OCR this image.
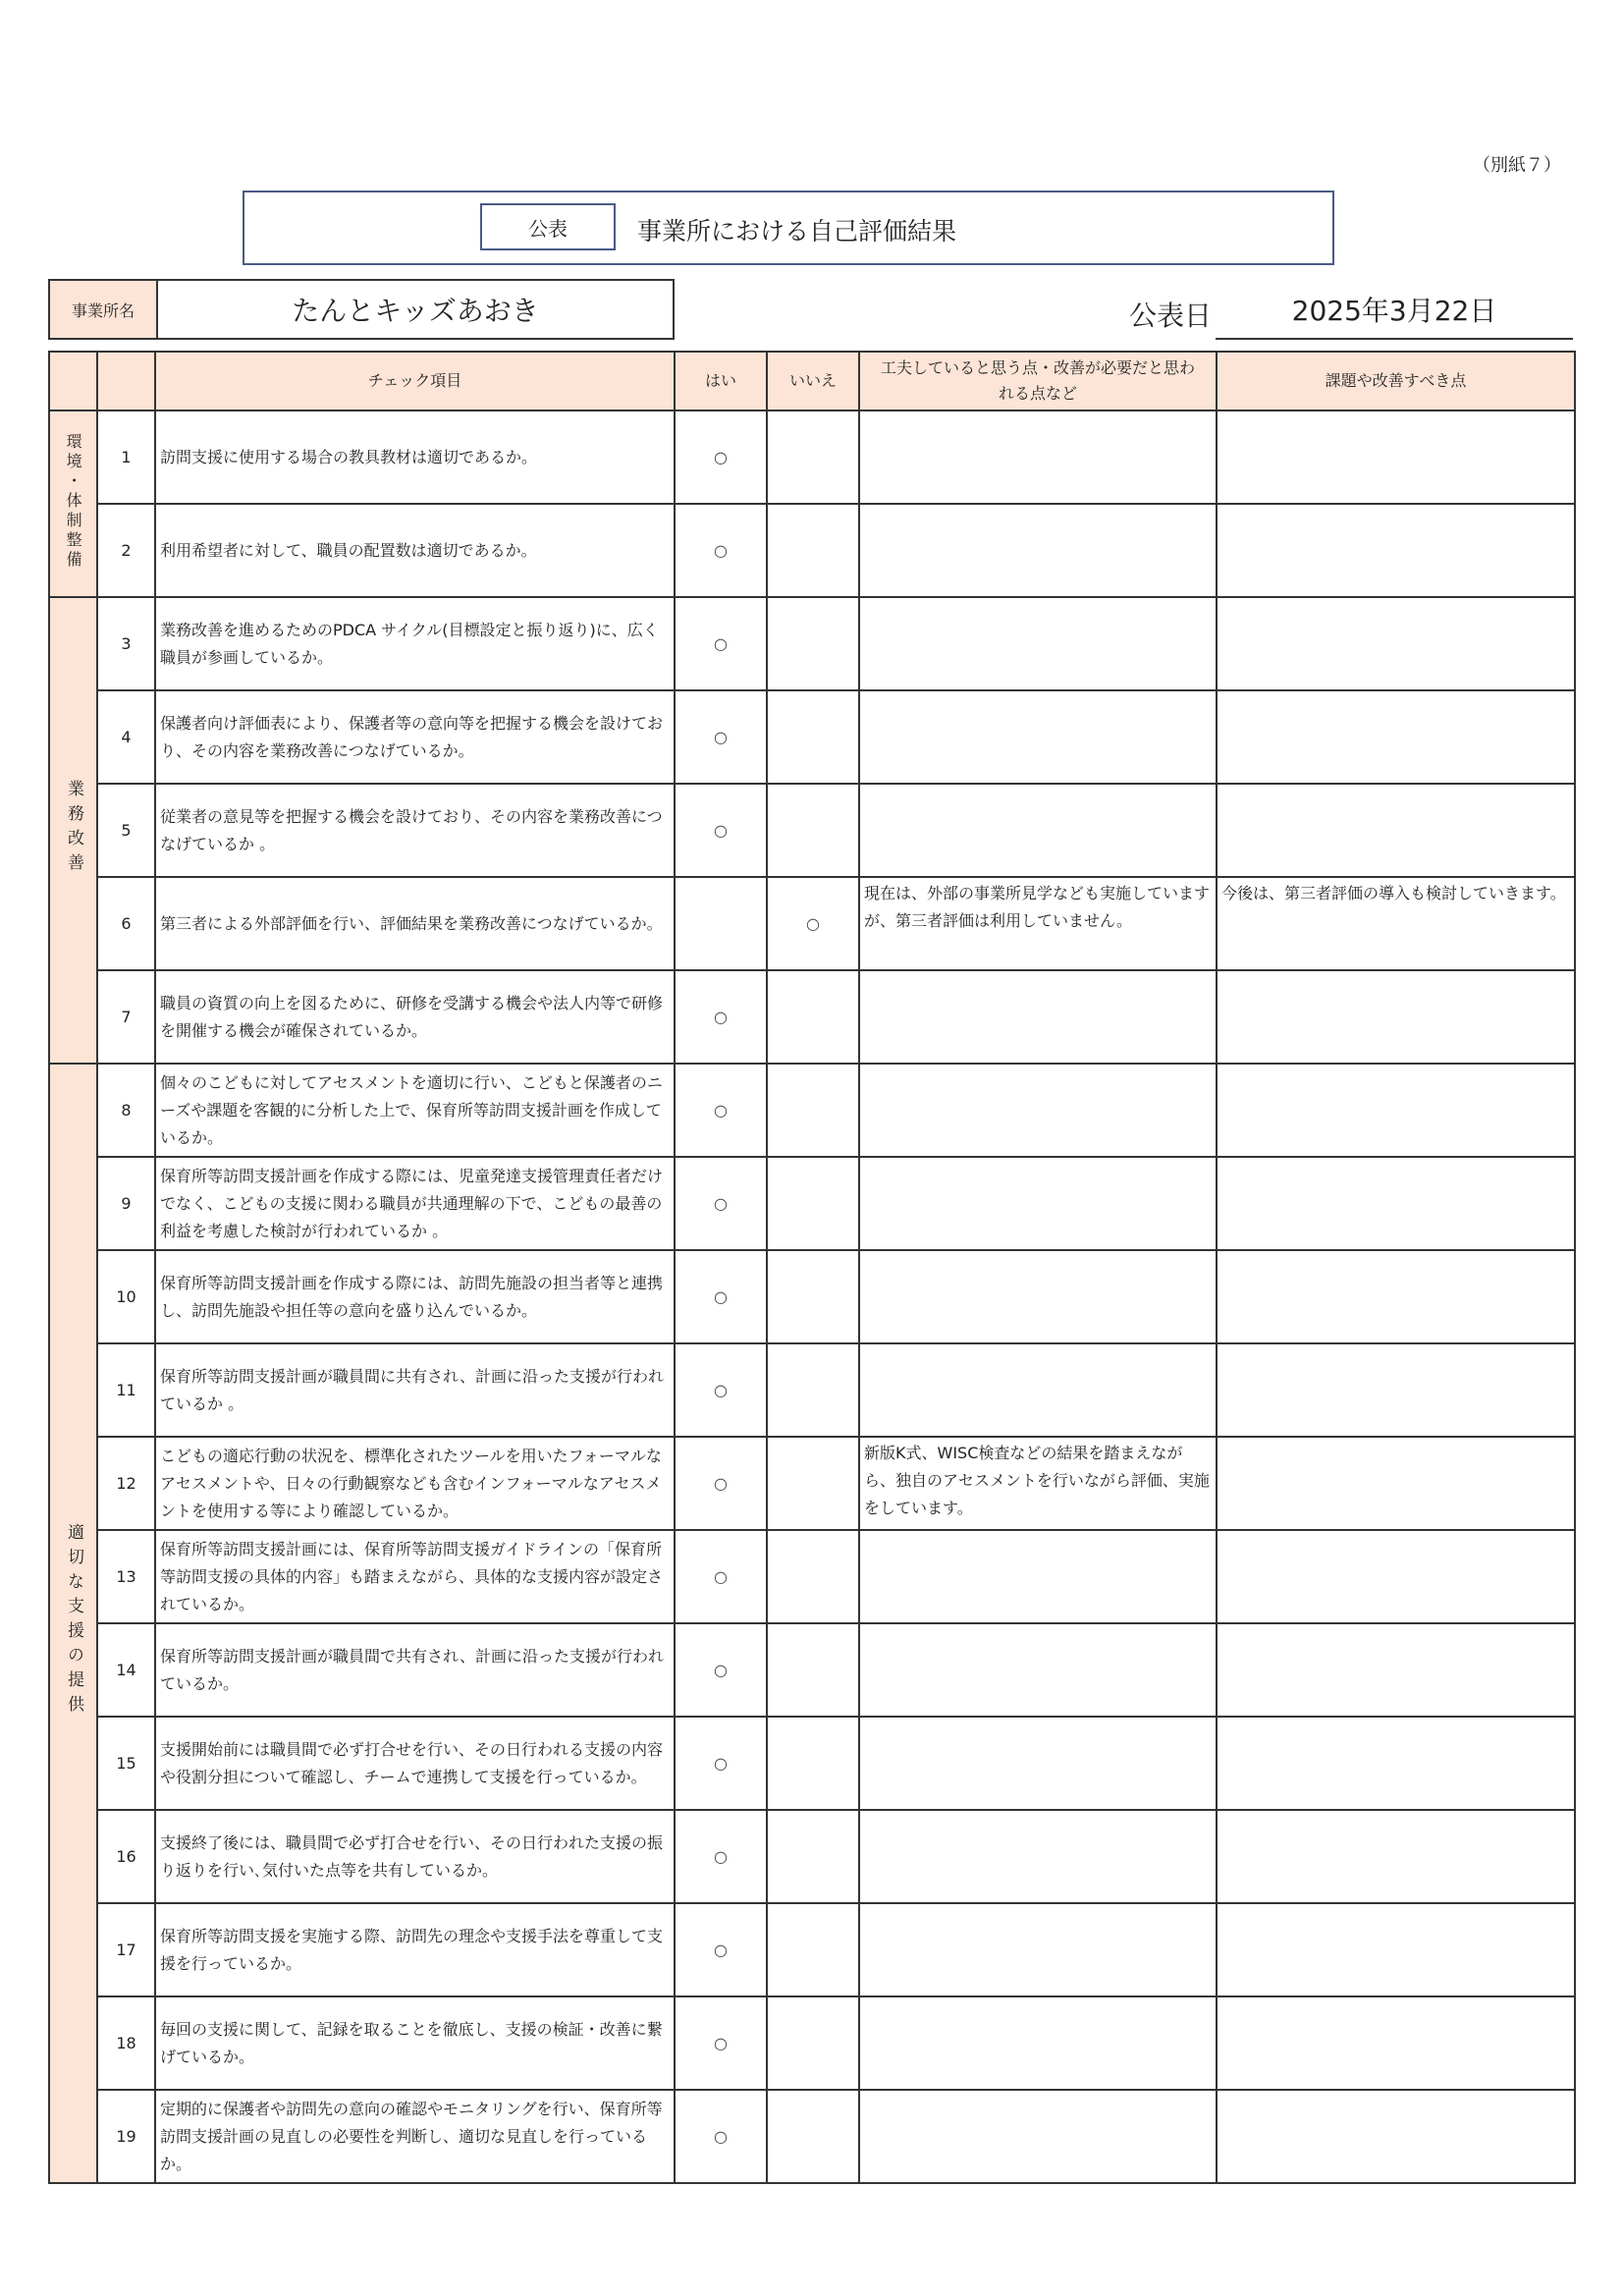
（別紙７）
公表	事業所における自己評価結果
事業所名	たんとキッズあおき	公表日	2025年3月22日
		チェック項目	はい	いいえ	工夫していると思う点・改善が必要だと思われる点など	課題や改善すべき点
環境・体制整備	1	訪問支援に使用する場合の教具教材は適切であるか。	○			
	2	利用希望者に対して、職員の配置数は適切であるか。	○			
業務改善	3	業務改善を進めるためのPDCA サイクル(目標設定と振り返り)に、広く職員が参画しているか。	○			
	4	保護者向け評価表により、保護者等の意向等を把握する機会を設けており、その内容を業務改善につなげているか。	○			
	5	従業者の意見等を把握する機会を設けており、その内容を業務改善につなげているか 。	○			
	6	第三者による外部評価を行い、評価結果を業務改善につなげているか。		○	現在は、外部の事業所見学なども実施していますが、第三者評価は利用していません。	今後は、第三者評価の導入も検討していきます。
	7	職員の資質の向上を図るために、研修を受講する機会や法人内等で研修を開催する機会が確保されているか。	○			
適切な支援の提供	8	個々のこどもに対してアセスメントを適切に行い、こどもと保護者のニーズや課題を客観的に分析した上で、保育所等訪問支援計画を作成しているか。	○			
	9	保育所等訪問支援計画を作成する際には、児童発達支援管理責任者だけでなく、こどもの支援に関わる職員が共通理解の下で、こどもの最善の利益を考慮した検討が行われているか 。	○			
	10	保育所等訪問支援計画を作成する際には、訪問先施設の担当者等と連携し、訪問先施設や担任等の意向を盛り込んでいるか。	○			
	11	保育所等訪問支援計画が職員間に共有され、計画に沿った支援が行われているか 。	○			
	12	こどもの適応行動の状況を、標準化されたツールを用いたフォーマルなアセスメントや、日々の行動観察なども含むインフォーマルなアセスメントを使用する等により確認しているか。	○		新版K式、WISC検査などの結果を踏まえながら、独自のアセスメントを行いながら評価、実施をしています。	
	13	保育所等訪問支援計画には、保育所等訪問支援ガイドラインの「保育所等訪問支援の具体的内容」も踏まえながら、具体的な支援内容が設定されているか。	○			
	14	保育所等訪問支援計画が職員間で共有され、計画に沿った支援が行われているか。	○			
	15	支援開始前には職員間で必ず打合せを行い、その日行われる支援の内容や役割分担について確認し、チームで連携して支援を行っているか。	○			
	16	支援終了後には、職員間で必ず打合せを行い、その日行われた支援の振り返りを行い､気付いた点等を共有しているか。	○			
	17	保育所等訪問支援を実施する際、訪問先の理念や支援手法を尊重して支援を行っているか。	○			
	18	毎回の支援に関して、記録を取ることを徹底し、支援の検証・改善に繋げているか。	○			
	19	定期的に保護者や訪問先の意向の確認やモニタリングを行い、保育所等訪問支援計画の見直しの必要性を判断し、適切な見直しを行っているか。	○			
